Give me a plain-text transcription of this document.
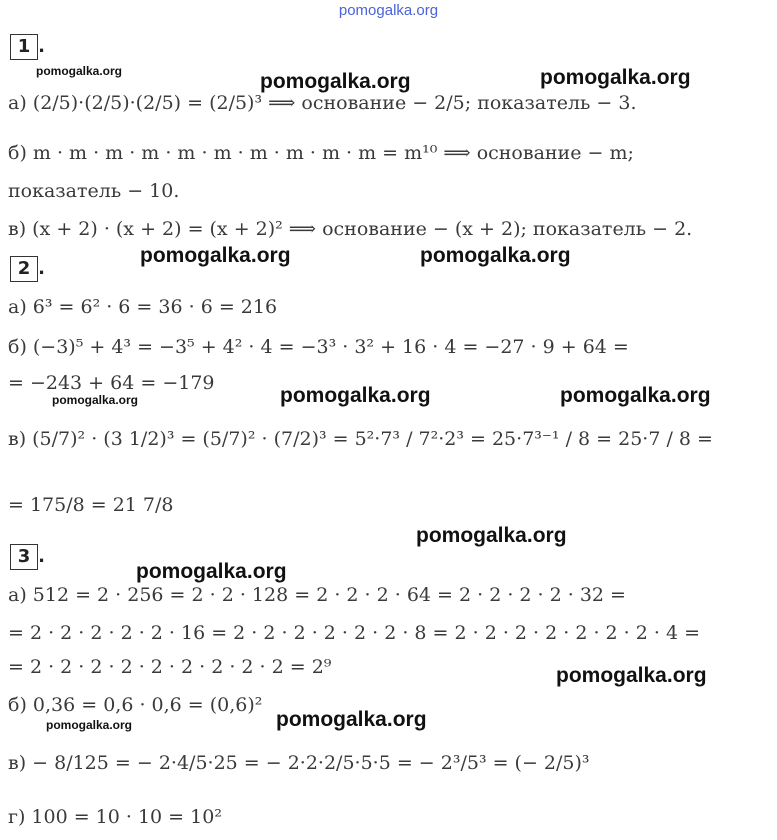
pomogalka.org
1 .
2 .
3 .
а) (2/5)·(2/5)·(2/5) = (2/5)³ ⟹ основание − 2/5; показатель − 3.
б) m · m · m · m · m · m · m · m · m · m = m¹⁰ ⟹ основание − m;
показатель − 10.
в) (x + 2) · (x + 2) = (x + 2)² ⟹ основание − (x + 2); показатель − 2.
а) 6³ = 6² · 6 = 36 · 6 = 216
б) (−3)⁵ + 4³ = −3⁵ + 4² · 4 = −3³ · 3² + 16 · 4 = −27 · 9 + 64 =
= −243 + 64 = −179
в) (5/7)² · (3 1/2)³ = (5/7)² · (7/2)³ = 5²·7³ / 7²·2³ = 25·7³⁻¹ / 8 = 25·7 / 8 =
= 175/8 = 21 7/8
а) 512 = 2 · 256 = 2 · 2 · 128 = 2 · 2 · 2 · 64 = 2 · 2 · 2 · 2 · 32 =
= 2 · 2 · 2 · 2 · 2 · 16 = 2 · 2 · 2 · 2 · 2 · 2 · 8 = 2 · 2 · 2 · 2 · 2 · 2 · 2 · 4 =
= 2 · 2 · 2 · 2 · 2 · 2 · 2 · 2 · 2 = 2⁹
б) 0,36 = 0,6 · 0,6 = (0,6)²
в) − 8/125 = − 2·4/5·25 = − 2·2·2/5·5·5 = − 2³/5³ = (− 2/5)³
г) 100 = 10 · 10 = 10²
pomogalka.org	pomogalka.org	pomogalka.org
pomogalka.org	pomogalka.org
pomogalka.org	pomogalka.org	pomogalka.org
pomogalka.org
pomogalka.org
pomogalka.org
pomogalka.org	pomogalka.org
